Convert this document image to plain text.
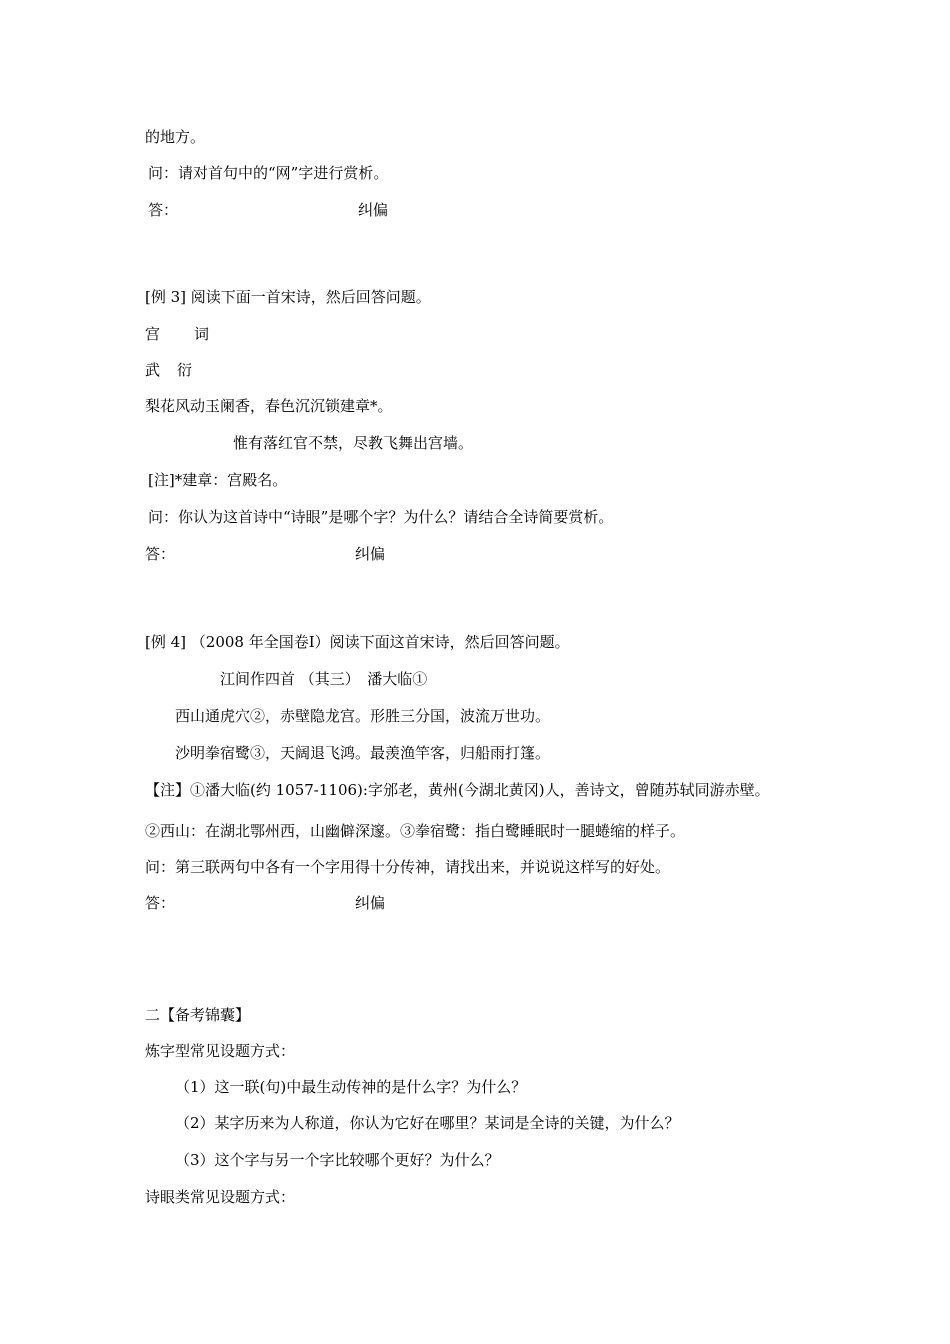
的地方。
问：请对首句中的“网”字进行赏析。
答：	纠偏
[例 3] 阅读下面一首宋诗，然后回答问题。
宫 词
武 衍
梨花风动玉阑香，春色沉沉锁建章*。
惟有落红官不禁，尽教飞舞出宫墙。
[注]*建章：宫殿名。
问：你认为这首诗中“诗眼”是哪个字？为什么？请结合全诗简要赏析。
答：	纠偏
[例 4] （2008 年全国卷Ⅰ）阅读下面这首宋诗，然后回答问题。
江间作四首 （其三）　潘大临①
西山通虎穴②，赤壁隐龙宫。形胜三分国，波流万世功。
沙明拳宿鹭③，天阔退飞鸿。最羡渔竿客，归船雨打篷。
【注】①潘大临(约 1057-1106):字邠老，黄州(今湖北黄冈)人，善诗文，曾随苏轼同游赤壁。
②西山：在湖北鄂州西，山幽僻深邃。③拳宿鹭：指白鹭睡眠时一腿蜷缩的样子。
问：第三联两句中各有一个字用得十分传神，请找出来，并说说这样写的好处。
答：	纠偏
二【备考锦囊】
炼字型常见设题方式：
（1）这一联(句)中最生动传神的是什么字？为什么？
（2）某字历来为人称道，你认为它好在哪里？某词是全诗的关键，为什么？
（3）这个字与另一个字比较哪个更好？为什么？
诗眼类常见设题方式：
